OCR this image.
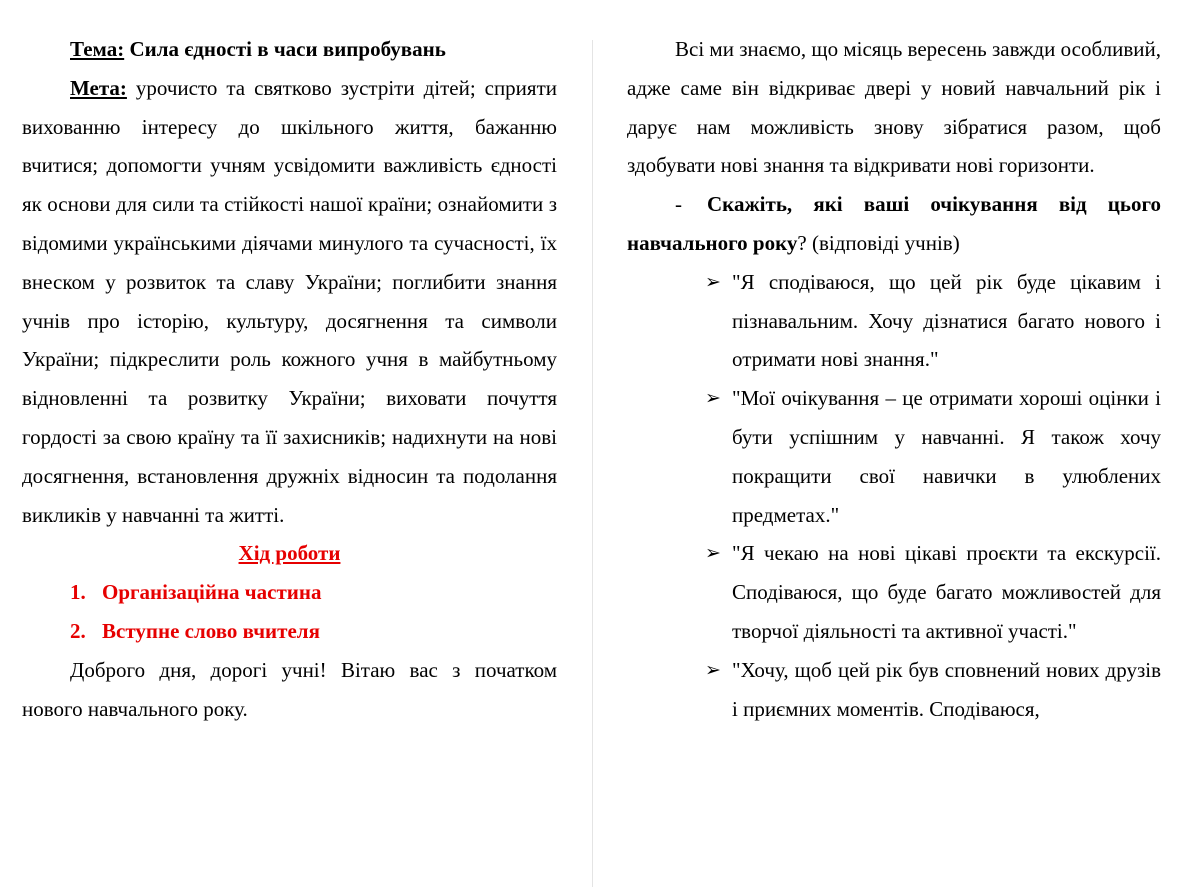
Тема: Сила єдності в часи випробувань

Мета: урочисто та святково зустріти дітей; сприяти вихованню інтересу до шкільного життя, бажанню вчитися; допомогти учням усвідомити важливість єдності як основи для сили та стійкості нашої країни; ознайомити з відомими українськими діячами минулого та сучасності, їх внеском у розвиток та славу України; поглибити знання учнів про історію, культуру, досягнення та символи України; підкреслити роль кожного учня в майбутньому відновленні та розвитку України; виховати почуття гордості за свою країну та її захисників; надихнути на нові досягнення, встановлення дружніх відносин та подолання викликів у навчанні та житті.

Хід роботи

1. Організаційна частина

2. Вступне слово вчителя

Доброго дня, дорогі учні! Вітаю вас з початком нового навчального року.

Всі ми знаємо, що місяць вересень завжди особливий, адже саме він відкриває двері у новий навчальний рік і дарує нам можливість знову зібратися разом, щоб здобувати нові знання та відкривати нові горизонти.

- Скажіть, які ваші очікування від цього навчального року? (відповіді учнів)

➢ "Я сподіваюся, що цей рік буде цікавим і пізнавальним. Хочу дізнатися багато нового і отримати нові знання."

➢ "Мої очікування – це отримати хороші оцінки і бути успішним у навчанні. Я також хочу покращити свої навички в улюблених предметах."

➢ "Я чекаю на нові цікаві проєкти та екскурсії. Сподіваюся, що буде багато можливостей для творчої діяльності та активної участі."

➢ "Хочу, щоб цей рік був сповнений нових друзів і приємних моментів. Сподіваюся,
